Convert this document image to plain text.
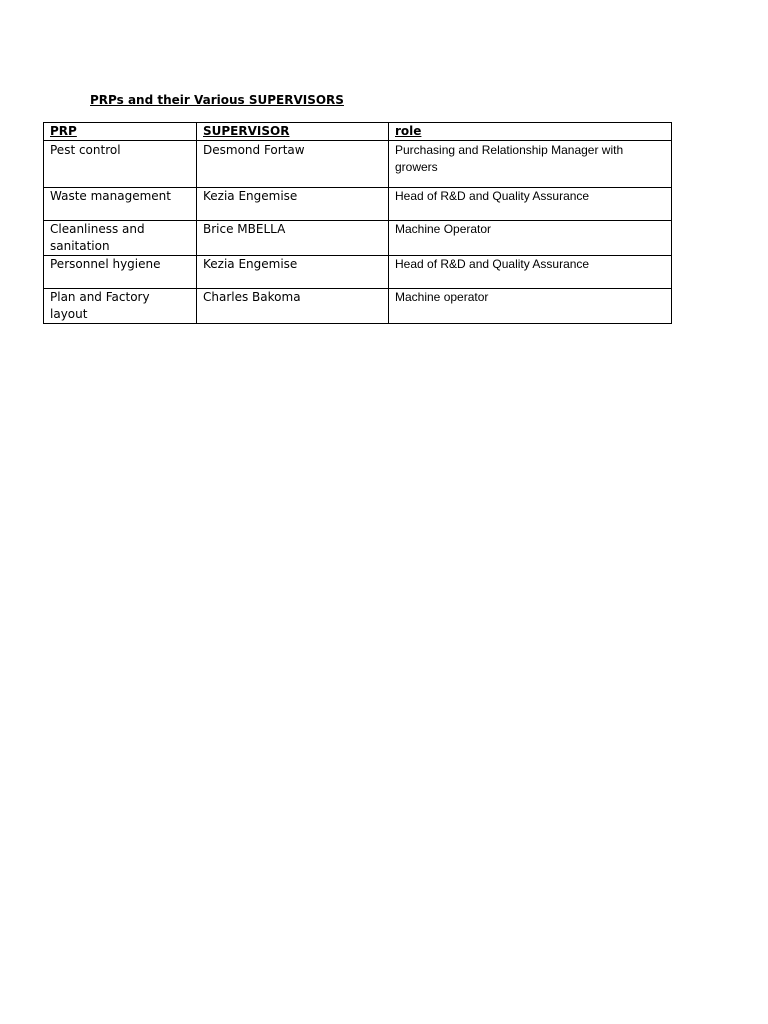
PRPs and their Various SUPERVISORS
PRP	SUPERVISOR	role
Pest control	Desmond Fortaw	Purchasing and Relationship Manager with growers
Waste management	Kezia Engemise	Head of R&D and Quality Assurance
Cleanliness and sanitation	Brice MBELLA	Machine Operator
Personnel hygiene	Kezia Engemise	Head of R&D and Quality Assurance
Plan and Factory layout	Charles Bakoma	Machine operator
